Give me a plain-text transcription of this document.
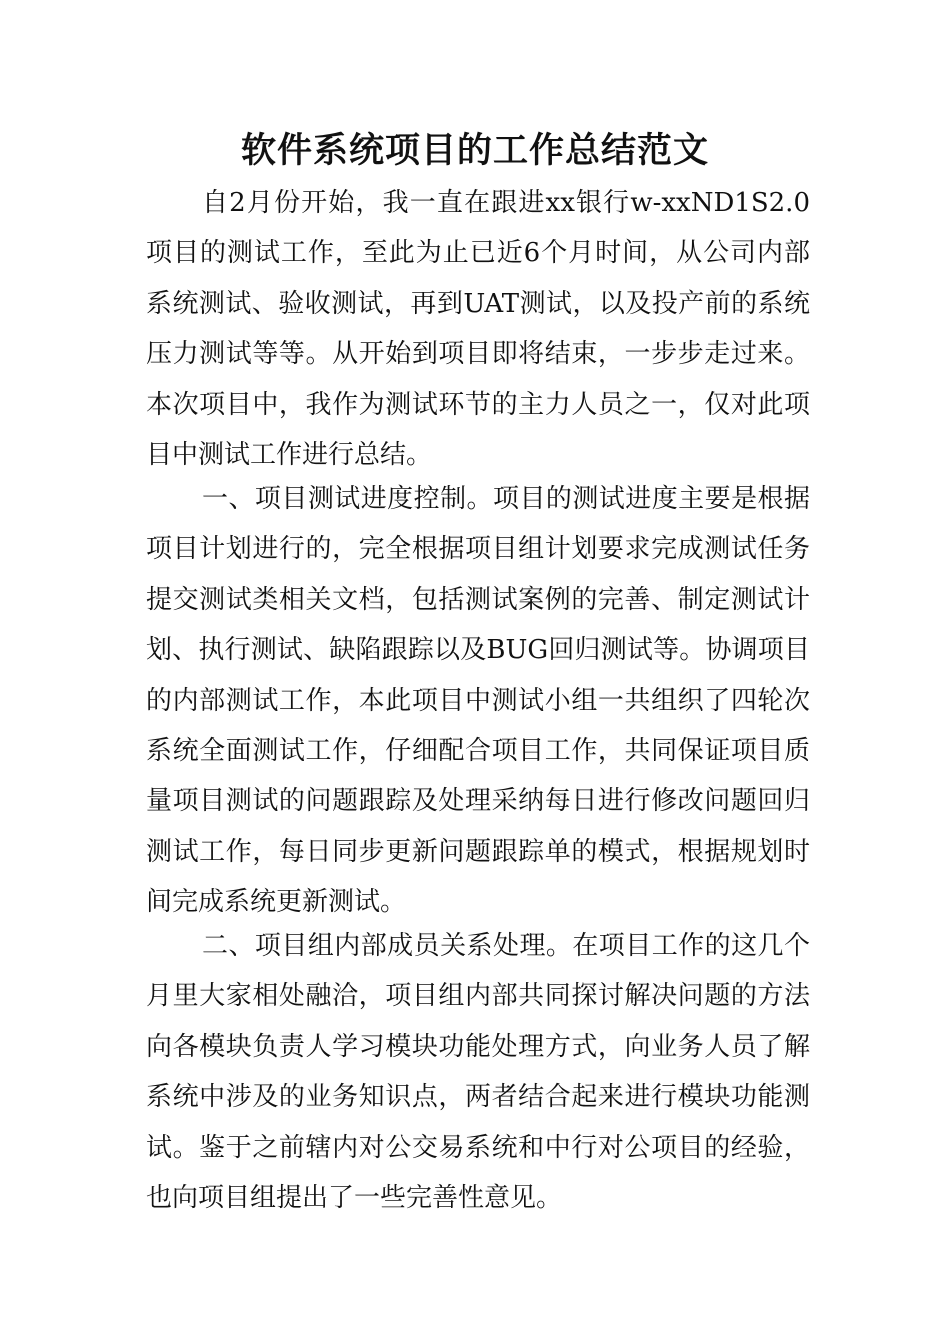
软件系统项目的工作总结范文

自2月份开始，我一直在跟进xx银行w-xxND1S2.0项目的测试工作，至此为止已近6个月时间，从公司内部系统测试、验收测试，再到UAT测试，以及投产前的系统压力测试等等。从开始到项目即将结束，一步步走过来。本次项目中，我作为测试环节的主力人员之一，仅对此项目中测试工作进行总结。

一、项目测试进度控制。项目的测试进度主要是根据项目计划进行的，完全根据项目组计划要求完成测试任务提交测试类相关文档，包括测试案例的完善、制定测试计划、执行测试、缺陷跟踪以及BUG回归测试等。协调项目的内部测试工作，本此项目中测试小组一共组织了四轮次系统全面测试工作，仔细配合项目工作，共同保证项目质量项目测试的问题跟踪及处理采纳每日进行修改问题回归测试工作，每日同步更新问题跟踪单的模式，根据规划时间完成系统更新测试。

二、项目组内部成员关系处理。在项目工作的这几个月里大家相处融洽，项目组内部共同探讨解决问题的方法向各模块负责人学习模块功能处理方式，向业务人员了解系统中涉及的业务知识点，两者结合起来进行模块功能测试。鉴于之前辖内对公交易系统和中行对公项目的经验，也向项目组提出了一些完善性意见。
